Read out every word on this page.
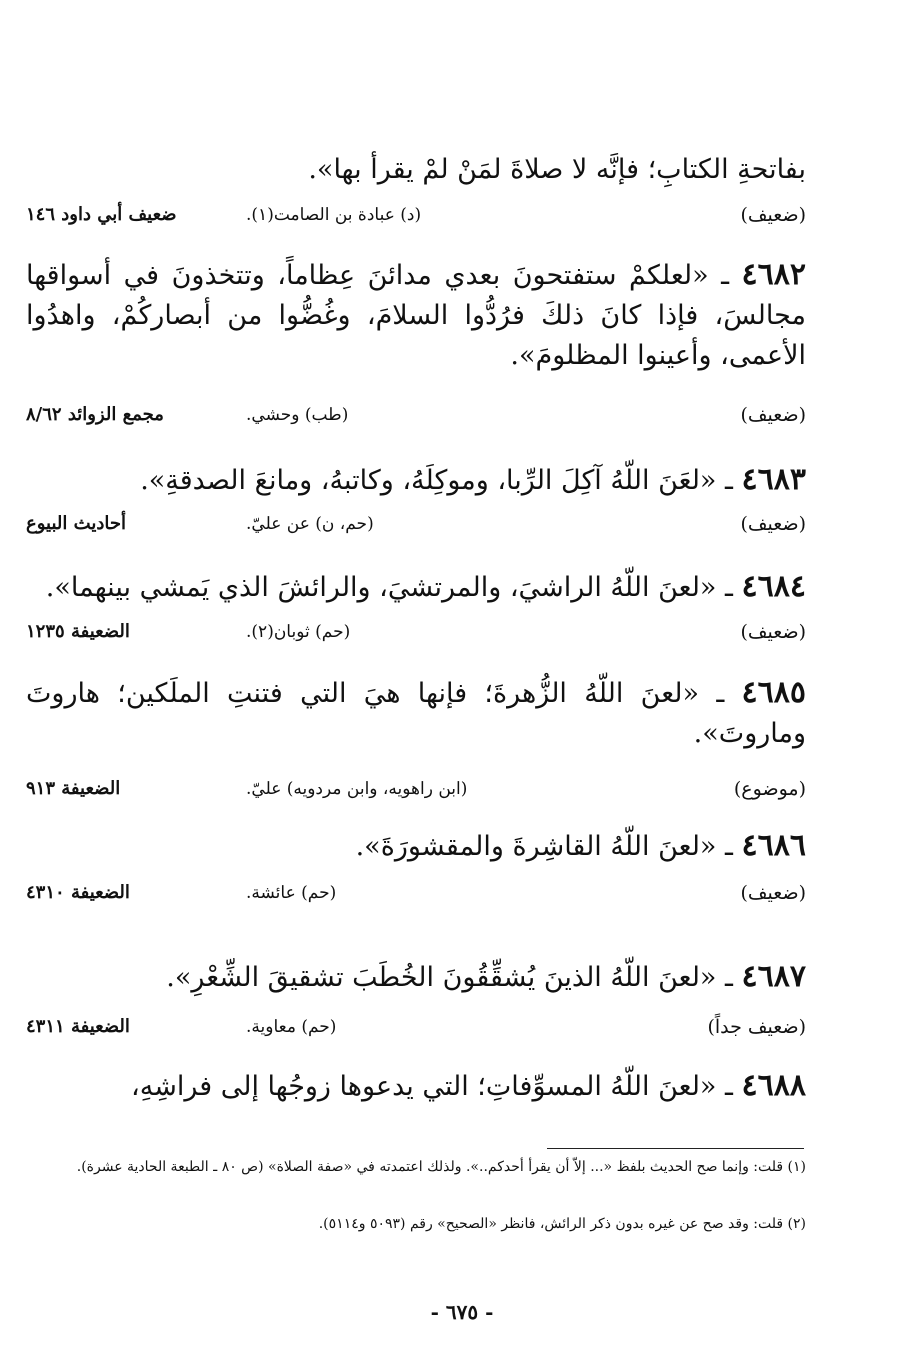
بفاتحةِ الكتابِ؛ فإنَّه لا صلاةَ لمَنْ لمْ يقرأ بها».
(ضعيف)
(د) عبادة بن الصامت(١).
ضعيف أبي داود ١٤٦
٤٦٨٢ ـ «لعلكمْ ستفتحونَ بعدي مدائنَ عِظاماً، وتتخذونَ في أسواقها مجالسَ، فإذا كانَ ذلكَ فرُدُّوا السلامَ، وغُضُّوا من أبصاركُمْ، واهدُوا الأعمى، وأعينوا المظلومَ».
(ضعيف)
(طب) وحشي.
مجمع الزوائد ٨/٦٢
٤٦٨٣ ـ «لعَنَ اللّهُ آكِلَ الرِّبا، وموكِلَهُ، وكاتبهُ، ومانعَ الصدقةِ».
(ضعيف)
(حم، ن) عن عليّ.
أحاديث البيوع
٤٦٨٤ ـ «لعنَ اللّهُ الراشيَ، والمرتشيَ، والرائشَ الذي يَمشي بينهما».
(ضعيف)
(حم) ثوبان(٢).
الضعيفة ١٢٣٥
٤٦٨٥ ـ «لعنَ اللّهُ الزُّهرةَ؛ فإنها هيَ التي فتنتِ الملَكين؛ هاروتَ وماروتَ».
(موضوع)
(ابن راهويه، وابن مردويه) عليّ.
الضعيفة ٩١٣
٤٦٨٦ ـ «لعنَ اللّهُ القاشِرةَ والمقشورَةَ».
(ضعيف)
(حم) عائشة.
الضعيفة ٤٣١٠
٤٦٨٧ ـ «لعنَ اللّهُ الذينَ يُشقِّقُونَ الخُطَبَ تشقيقَ الشِّعْرِ».
(ضعيف جداً)
(حم) معاوية.
الضعيفة ٤٣١١
٤٦٨٨ ـ «لعنَ اللّهُ المسوِّفاتِ؛ التي يدعوها زوجُها إلى فراشِهِ،
(١) قلت: وإنما صح الحديث بلفظ «... إلاّ أن يقرأ أحدكم..». ولذلك اعتمدته في «صفة الصلاة» (ص ٨٠ ـ الطبعة الحادية عشرة).
(٢) قلت: وقد صح عن غيره بدون ذكر الرائش، فانظر «الصحيح» رقم (٥٠٩٣ و٥١١٤).
- ٦٧٥ -
